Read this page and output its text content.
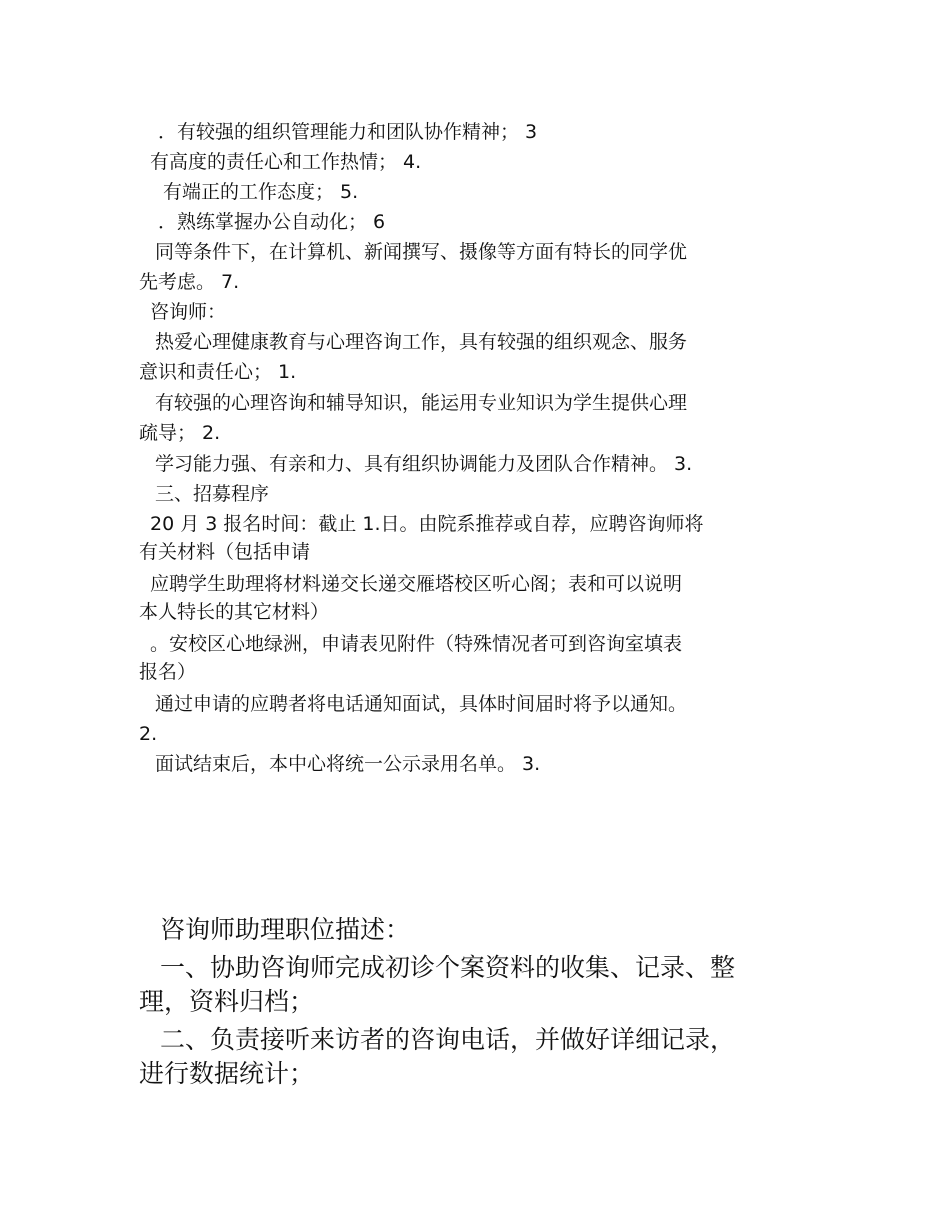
．有较强的组织管理能力和团队协作精神； 3
有高度的责任心和工作热情； 4.
有端正的工作态度； 5.
．熟练掌握办公自动化； 6
同等条件下，在计算机、新闻撰写、摄像等方面有特长的同学优
先考虑。 7.
咨询师：
热爱心理健康教育与心理咨询工作，具有较强的组织观念、服务
意识和责任心； 1.
有较强的心理咨询和辅导知识，能运用专业知识为学生提供心理
疏导； 2.
学习能力强、有亲和力、具有组织协调能力及团队合作精神。 3.
三、招募程序
20 月 3 报名时间：截止 1.日。由院系推荐或自荐，应聘咨询师将
有关材料（包括申请
应聘学生助理将材料递交长递交雁塔校区听心阁；表和可以说明
本人特长的其它材料）
。安校区心地绿洲，申请表见附件（特殊情况者可到咨询室填表
报名）
通过申请的应聘者将电话通知面试，具体时间届时将予以通知。
2.
面试结束后，本中心将统一公示录用名单。 3.
咨询师助理职位描述：
一、协助咨询师完成初诊个案资料的收集、记录、整
理，资料归档；
二、负责接听来访者的咨询电话，并做好详细记录，
进行数据统计；
